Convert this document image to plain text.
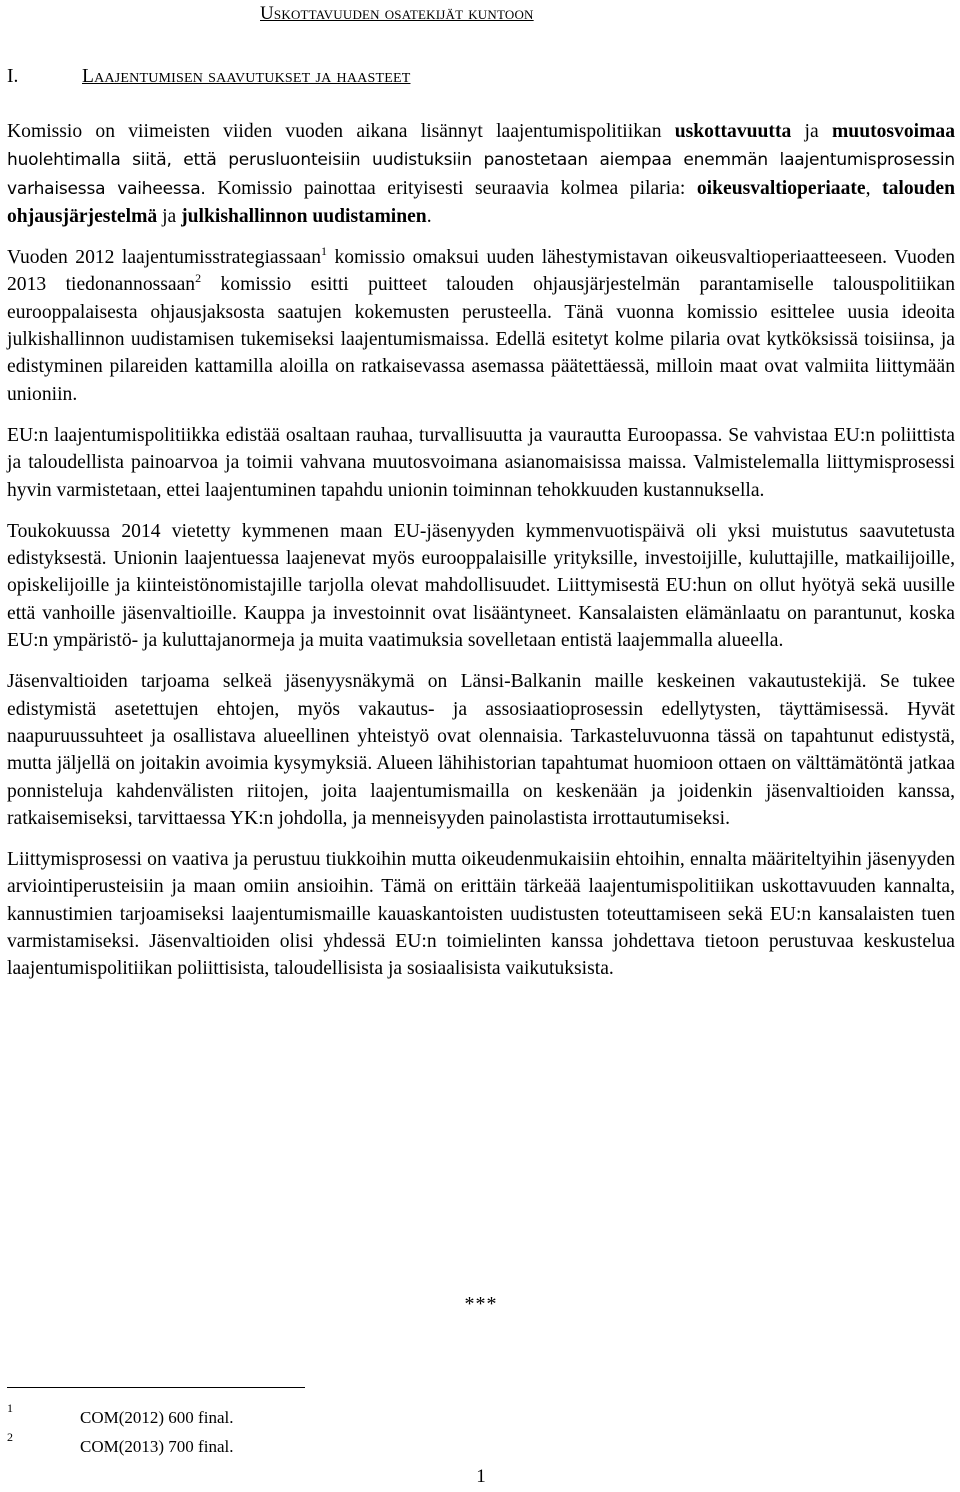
Uskottavuuden osatekijät kuntoon
I.	Laajentumisen saavutukset ja haasteet

Komissio on viimeisten viiden vuoden aikana lisännyt laajentumispolitiikan uskottavuutta ja muutosvoimaa huolehtimalla siitä, että perusluonteisiin uudistuksiin panostetaan aiempaa enemmän laajentumisprosessin varhaisessa vaiheessa. Komissio painottaa erityisesti seuraavia kolmea pilaria: oikeusvaltioperiaate, talouden ohjausjärjestelmä ja julkishallinnon uudistaminen.

Vuoden 2012 laajentumisstrategiassaan$^1$ komissio omaksui uuden lähestymistavan oikeusvaltioperiaatteeseen. Vuoden 2013 tiedonannossaan$^2$ komissio esitti puitteet talouden ohjausjärjestelmän parantamiselle talouspolitiikan eurooppalaisesta ohjausjaksosta saatujen kokemusten perusteella. Tänä vuonna komissio esittelee uusia ideoita julkishallinnon uudistamisen tukemiseksi laajentumismaissa. Edellä esitetyt kolme pilaria ovat kytköksissä toisiinsa, ja edistyminen pilareiden kattamilla aloilla on ratkaisevassa asemassa päätettäessä, milloin maat ovat valmiita liittymään unioniin.

EU:n laajentumispolitiikka edistää osaltaan rauhaa, turvallisuutta ja vaurautta Euroopassa. Se vahvistaa EU:n poliittista ja taloudellista painoarvoa ja toimii vahvana muutosvoimana asianomaisissa maissa. Valmistelemalla liittymisprosessi hyvin varmistetaan, ettei laajentuminen tapahdu unionin toiminnan tehokkuuden kustannuksella.

Toukokuussa 2014 vietetty kymmenen maan EU-jäsenyyden kymmenvuotispäivä oli yksi muistutus saavutetusta edistyksestä. Unionin laajentuessa laajenevat myös eurooppalaisille yrityksille, investoijille, kuluttajille, matkailijoille, opiskelijoille ja kiinteistönomistajille tarjolla olevat mahdollisuudet. Liittymisestä EU:hun on ollut hyötyä sekä uusille että vanhoille jäsenvaltioille. Kauppa ja investoinnit ovat lisääntyneet. Kansalaisten elämänlaatu on parantunut, koska EU:n ympäristö- ja kuluttajanormeja ja muita vaatimuksia sovelletaan entistä laajemmalla alueella.

Jäsenvaltioiden tarjoama selkeä jäsenyysnäkymä on Länsi-Balkanin maille keskeinen vakautustekijä. Se tukee edistymistä asetettujen ehtojen, myös vakautus- ja assosiaatioprosessin edellytysten, täyttämisessä. Hyvät naapuruussuhteet ja osallistava alueellinen yhteistyö ovat olennaisia. Tarkasteluvuonna tässä on tapahtunut edistystä, mutta jäljellä on joitakin avoimia kysymyksiä. Alueen lähihistorian tapahtumat huomioon ottaen on välttämätöntä jatkaa ponnisteluja kahdenvälisten riitojen, joita laajentumismailla on keskenään ja joidenkin jäsenvaltioiden kanssa, ratkaisemiseksi, tarvittaessa YK:n johdolla, ja menneisyyden painolastista irrottautumiseksi.

Liittymisprosessi on vaativa ja perustuu tiukkoihin mutta oikeudenmukaisiin ehtoihin, ennalta määriteltyihin jäsenyyden arviointiperusteisiin ja maan omiin ansioihin. Tämä on erittäin tärkeää laajentumispolitiikan uskottavuuden kannalta, kannustimien tarjoamiseksi laajentumismaille kauaskantoisten uudistusten toteuttamiseen sekä EU:n kansalaisten tuen varmistamiseksi. Jäsenvaltioiden olisi yhdessä EU:n toimielinten kanssa johdettava tietoon perustuvaa keskustelua laajentumispolitiikan poliittisista, taloudellisista ja sosiaalisista vaikutuksista.

***
1	COM(2012) 600 final.
2	COM(2013) 700 final.
1
